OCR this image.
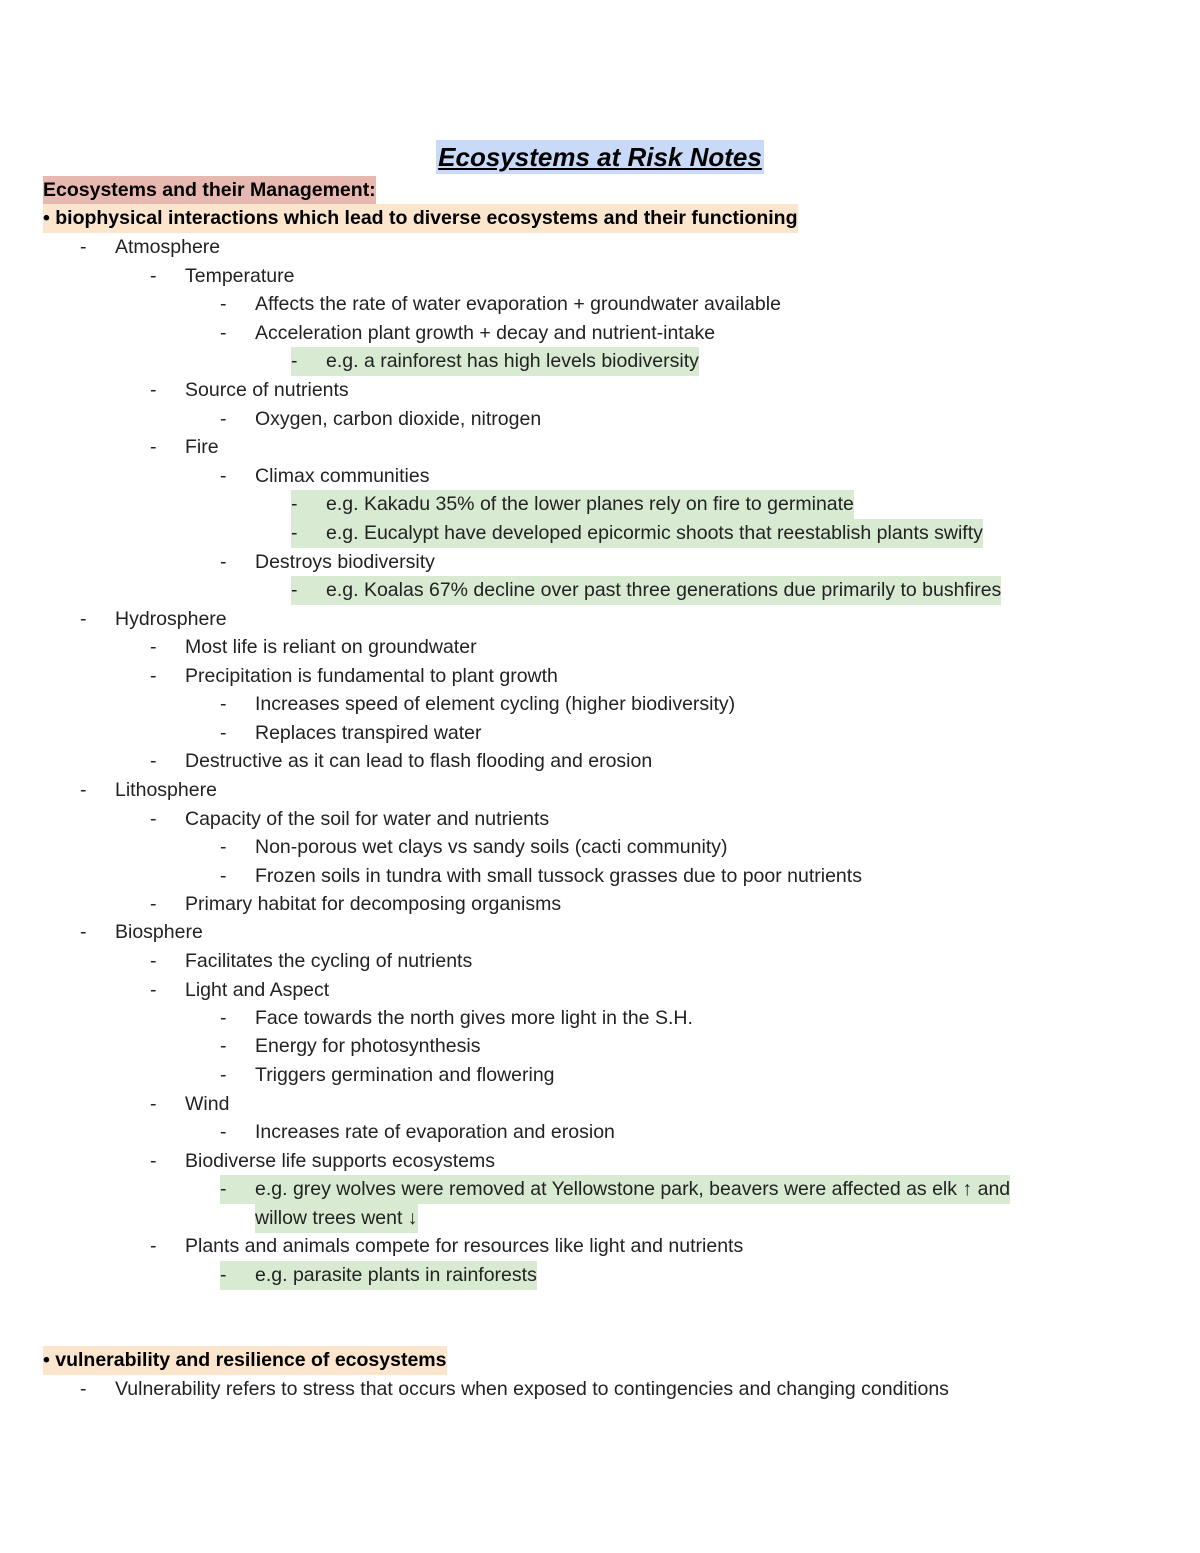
Ecosystems at Risk Notes
Ecosystems and their Management:
• biophysical interactions which lead to diverse ecosystems and their functioning
- Atmosphere
- Temperature
- Affects the rate of water evaporation + groundwater available
- Acceleration plant growth + decay and nutrient-intake
- e.g. a rainforest has high levels biodiversity
- Source of nutrients
- Oxygen, carbon dioxide, nitrogen
- Fire
- Climax communities
- e.g. Kakadu 35% of the lower planes rely on fire to germinate
- e.g. Eucalypt have developed epicormic shoots that reestablish plants swifty
- Destroys biodiversity
- e.g. Koalas 67% decline over past three generations due primarily to bushfires
- Hydrosphere
- Most life is reliant on groundwater
- Precipitation is fundamental to plant growth
- Increases speed of element cycling (higher biodiversity)
- Replaces transpired water
- Destructive as it can lead to flash flooding and erosion
- Lithosphere
- Capacity of the soil for water and nutrients
- Non-porous wet clays vs sandy soils (cacti community)
- Frozen soils in tundra with small tussock grasses due to poor nutrients
- Primary habitat for decomposing organisms
- Biosphere
- Facilitates the cycling of nutrients
- Light and Aspect
- Face towards the north gives more light in the S.H.
- Energy for photosynthesis
- Triggers germination and flowering
- Wind
- Increases rate of evaporation and erosion
- Biodiverse life supports ecosystems
- e.g. grey wolves were removed at Yellowstone park, beavers were affected as elk ↑ and
willow trees went ↓
- Plants and animals compete for resources like light and nutrients
- e.g. parasite plants in rainforests
• vulnerability and resilience of ecosystems
- Vulnerability refers to stress that occurs when exposed to contingencies and changing conditions
